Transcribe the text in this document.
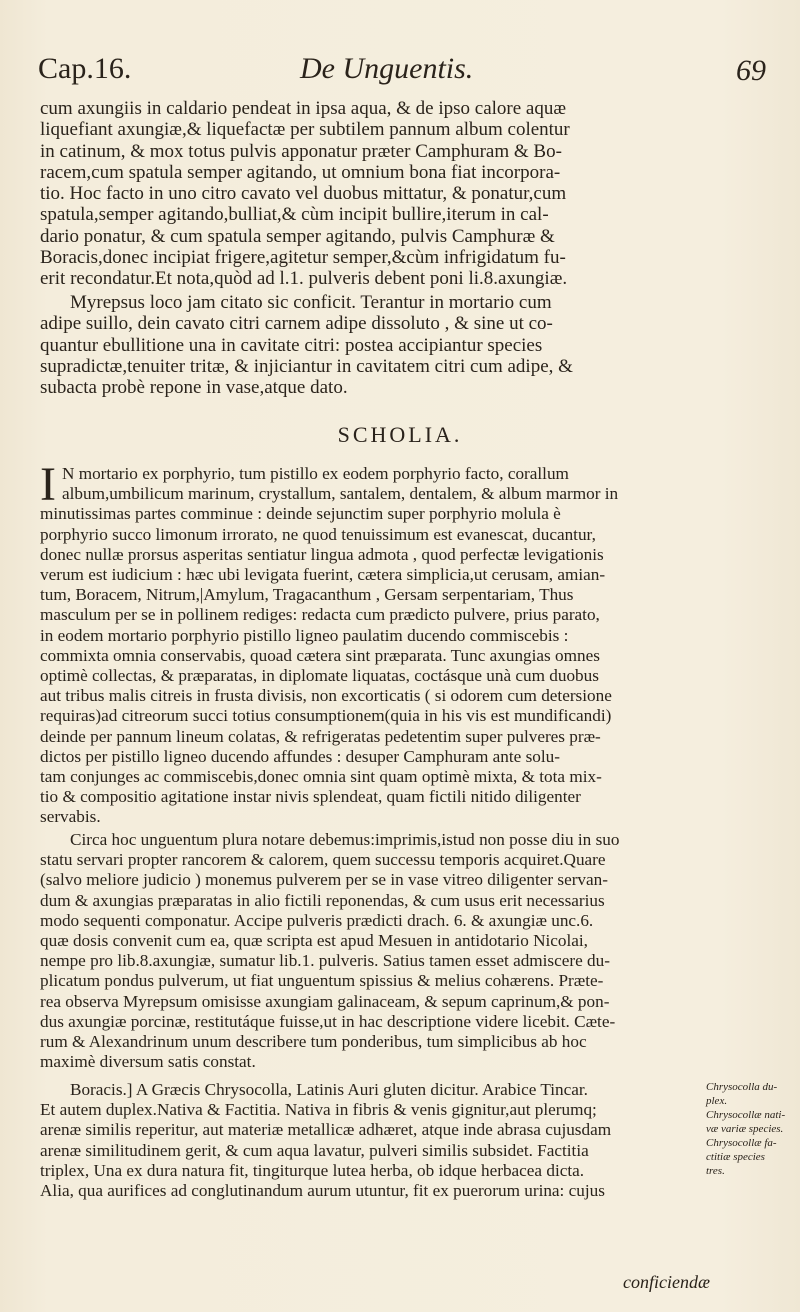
Cap.16.	De Unguentis.	69
cum axungiis in caldario pendeat in ipsa aqua, & de ipso calore aquæ
liquefiant axungiæ,& liquefactæ per subtilem pannum album colentur
in catinum, & mox totus pulvis apponatur præter Camphuram & Bo-
racem,cum spatula semper agitando, ut omnium bona fiat incorpora-
tio. Hoc facto in uno citro cavato vel duobus mittatur, & ponatur,cum
spatula,semper agitando,bulliat,& cùm incipit bullire,iterum in cal-
dario ponatur, & cum spatula semper agitando, pulvis Camphuræ &
Boracis,donec incipiat frigere,agitetur semper,&cùm infrigidatum fu-
erit recondatur.Et nota,quòd ad l.1. pulveris debent poni li.8.axungiæ.
Myrepsus loco jam citato sic conficit. Terantur in mortario cum
adipe suillo, dein cavato citri carnem adipe dissoluto , & sine ut co-
quantur ebullitione una in cavitate citri: postea accipiantur species
supradictæ,tenuiter tritæ, & injiciantur in cavitatem citri cum adipe, &
subacta probè repone in vase,atque dato.
SCHOLIA.
I N mortario ex porphyrio, tum pistillo ex eodem porphyrio facto, corallum
album,umbilicum marinum, crystallum, santalem, dentalem, & album marmor in
minutissimas partes comminue : deinde sejunctim super porphyrio molula è
porphyrio succo limonum irrorato, ne quod tenuissimum est evanescat, ducantur,
donec nullæ prorsus asperitas sentiatur lingua admota , quod perfectæ levigationis
verum est iudicium : hæc ubi levigata fuerint, cætera simplicia,ut cerusam, amian-
tum, Boracem, Nitrum,|Amylum, Tragacanthum , Gersam serpentariam, Thus
masculum per se in pollinem rediges: redacta cum prædicto pulvere, prius parato,
in eodem mortario porphyrio pistillo ligneo paulatim ducendo commiscebis :
commixta omnia conservabis, quoad cætera sint præparata. Tunc axungias omnes
optimè collectas, & præparatas, in diplomate liquatas, coctásque unà cum duobus
aut tribus malis citreis in frusta divisis, non excorticatis ( si odorem cum detersione
requiras)ad citreorum succi totius consumptionem(quia in his vis est mundificandi)
deinde per pannum lineum colatas, & refrigeratas pedetentim super pulveres præ-
dictos per pistillo ligneo ducendo affundes : desuper Camphuram ante solu-
tam conjunges ac commiscebis,donec omnia sint quam optimè mixta, & tota mix-
tio & compositio agitatione instar nivis splendeat, quam fictili nitido diligenter
servabis.
Circa hoc unguentum plura notare debemus:imprimis,istud non posse diu in suo
statu servari propter rancorem & calorem, quem successu temporis acquiret.Quare
(salvo meliore judicio ) monemus pulverem per se in vase vitreo diligenter servan-
dum & axungias præparatas in alio fictili reponendas, & cum usus erit necessarius
modo sequenti componatur. Accipe pulveris prædicti drach. 6. & axungiæ unc.6.
quæ dosis convenit cum ea, quæ scripta est apud Mesuen in antidotario Nicolai,
nempe pro lib.8.axungiæ, sumatur lib.1. pulveris. Satius tamen esset admiscere du-
plicatum pondus pulverum, ut fiat unguentum spissius & melius cohærens. Præte-
rea observa Myrepsum omisisse axungiam galinaceam, & sepum caprinum,& pon-
dus axungiæ porcinæ, restitutáque fuisse,ut in hac descriptione videre licebit. Cæte-
rum & Alexandrinum unum describere tum ponderibus, tum simplicibus ab hoc
maximè diversum satis constat.
Boracis.] A Græcis Chrysocolla, Latinis Auri gluten dicitur. Arabice Tincar.
Et autem duplex.Nativa & Factitia. Nativa in fibris & venis gignitur,aut plerumq;
arenæ similis reperitur, aut materiæ metallicæ adhæret, atque inde abrasa cujusdam
arenæ similitudinem gerit, & cum aqua lavatur, pulveri similis subsidet. Factitia
triplex, Una ex dura natura fit, tingiturque lutea herba, ob idque herbacea dicta.
Alia, qua aurifices ad conglutinandum aurum utuntur, fit ex puerorum urina: cujus
Chrysocolla du-
plex.
Chrysocollæ nati-
væ variæ species.
Chrysocollæ fa-
ctitiæ species
tres.
conficiendæ
